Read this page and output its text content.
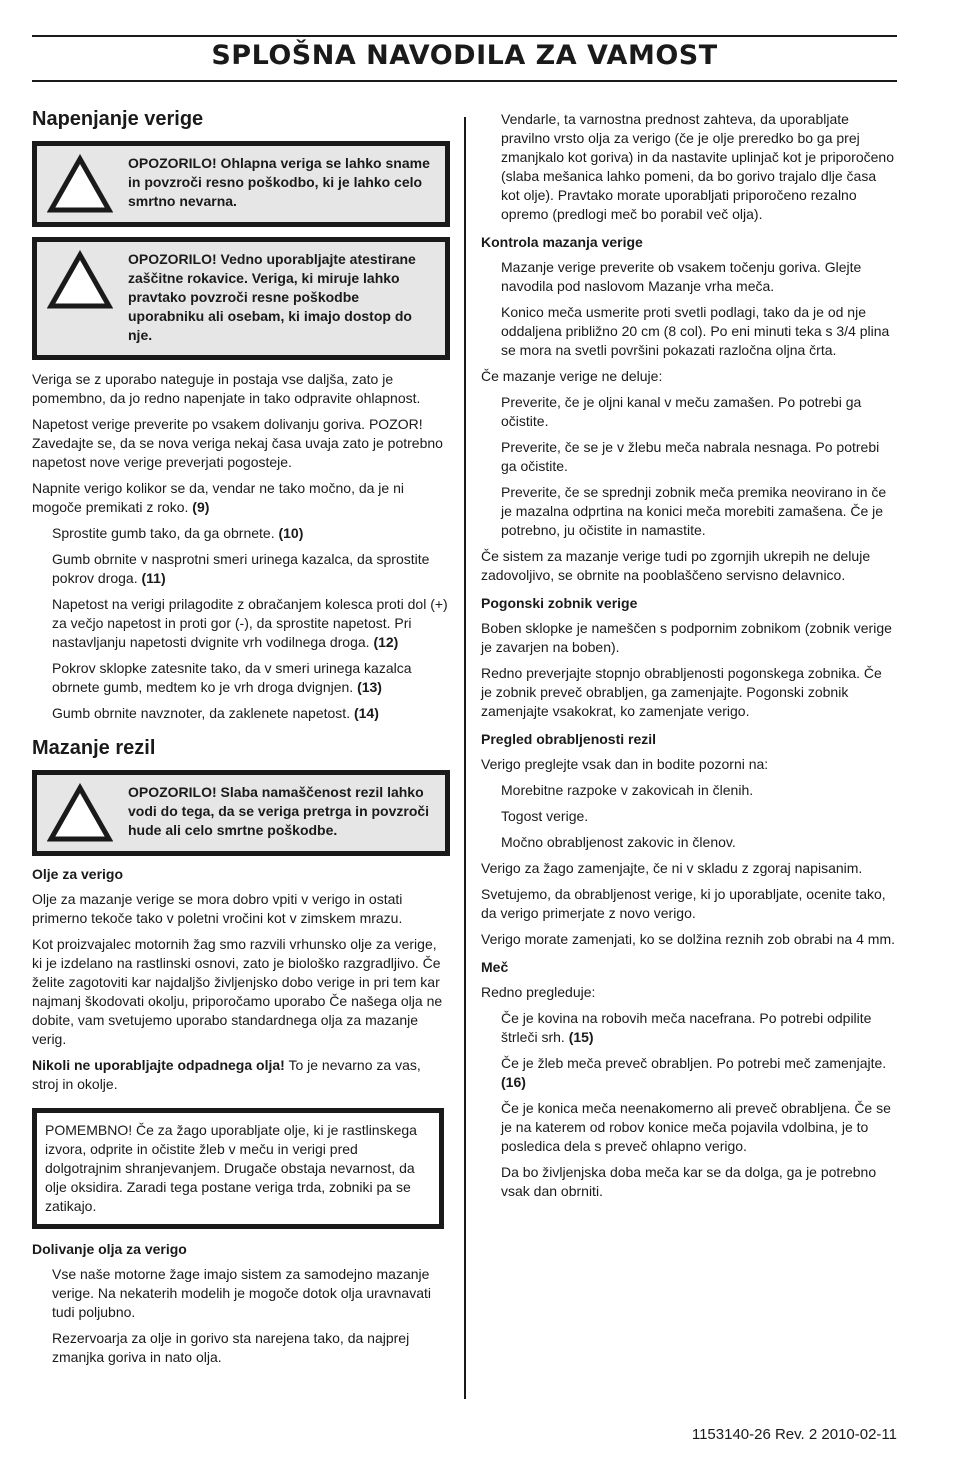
SPLOŠNA NAVODILA ZA VAMOST
Napenjanje verige
OPOZORILO! Ohlapna veriga se lahko sname in povzroči resno poškodbo, ki je lahko celo smrtno nevarna.
OPOZORILO! Vedno uporabljajte atestirane zaščitne rokavice. Veriga, ki miruje lahko pravtako povzroči resne poškodbe uporabniku ali osebam, ki imajo dostop do nje.

Veriga se z uporabo nateguje in postaja vse daljša, zato je pomembno, da jo redno napenjate in tako odpravite ohlapnost.

Napetost verige preverite po vsakem dolivanju goriva. POZOR! Zavedajte se, da se nova veriga nekaj časa uvaja zato je potrebno napetost nove verige preverjati pogosteje.

Napnite verigo kolikor se da, vendar ne tako močno, da je ni mogoče premikati z roko. (9)

Sprostite gumb tako, da ga obrnete. (10)

Gumb obrnite v nasprotni smeri urinega kazalca, da sprostite pokrov droga. (11)

Napetost na verigi prilagodite z obračanjem kolesca proti dol (+) za večjo napetost in proti gor (-), da sprostite napetost. Pri nastavljanju napetosti dvignite vrh vodilnega droga. (12)

Pokrov sklopke zatesnite tako, da v smeri urinega kazalca obrnete gumb, medtem ko je vrh droga dvignjen. (13)

Gumb obrnite navznoter, da zaklenete napetost. (14)

Mazanje rezil
OPOZORILO! Slaba namaščenost rezil lahko vodi do tega, da se veriga pretrga in povzroči hude ali celo smrtne poškodbe.
Olje za verigo

Olje za mazanje verige se mora dobro vpiti v verigo in ostati primerno tekoče tako v poletni vročini kot v zimskem mrazu.

Kot proizvajalec motornih žag smo razvili vrhunsko olje za verige, ki je izdelano na rastlinski osnovi, zato je biološko razgradljivo. Če želite zagotoviti kar najdaljšo življenjsko dobo verige in pri tem kar najmanj škodovati okolju, priporočamo uporabo Če našega olja ne dobite, vam svetujemo uporabo standardnega olja za mazanje verig.

Nikoli ne uporabljajte odpadnega olja! To je nevarno za vas, stroj in okolje.

POMEMBNO! Če za žago uporabljate olje, ki je rastlinskega izvora, odprite in očistite žleb v meču in verigi pred dolgotrajnim shranjevanjem. Drugače obstaja nevarnost, da olje oksidira. Zaradi tega postane veriga trda, zobniki pa se zatikajo.
Dolivanje olja za verigo

Vse naše motorne žage imajo sistem za samodejno mazanje verige. Na nekaterih modelih je mogoče dotok olja uravnavati tudi poljubno.

Rezervoarja za olje in gorivo sta narejena tako, da najprej zmanjka goriva in nato olja.

Vendarle, ta varnostna prednost zahteva, da uporabljate pravilno vrsto olja za verigo (če je olje preredko bo ga prej zmanjkalo kot goriva) in da nastavite uplinjač kot je priporočeno (slaba mešanica lahko pomeni, da bo gorivo trajalo dlje časa kot olje). Pravtako morate uporabljati priporočeno rezalno opremo (predlogi meč bo porabil več olja).

Kontrola mazanja verige

Mazanje verige preverite ob vsakem točenju goriva. Glejte navodila pod naslovom Mazanje vrha meča.

Konico meča usmerite proti svetli podlagi, tako da je od nje oddaljena približno 20 cm (8 col). Po eni minuti teka s 3/4 plina se mora na svetli površini pokazati razločna oljna črta.

Če mazanje verige ne deluje:

Preverite, če je oljni kanal v meču zamašen. Po potrebi ga očistite.

Preverite, če se je v žlebu meča nabrala nesnaga. Po potrebi ga očistite.

Preverite, če se sprednji zobnik meča premika neovirano in če je mazalna odprtina na konici meča morebiti zamašena. Če je potrebno, ju očistite in namastite.

Če sistem za mazanje verige tudi po zgornjih ukrepih ne deluje zadovoljivo, se obrnite na pooblaščeno servisno delavnico.

Pogonski zobnik verige

Boben sklopke je nameščen s podpornim zobnikom (zobnik verige je zavarjen na boben).

Redno preverjajte stopnjo obrabljenosti pogonskega zobnika. Če je zobnik preveč obrabljen, ga zamenjajte. Pogonski zobnik zamenjajte vsakokrat, ko zamenjate verigo.

Pregled obrabljenosti rezil

Verigo preglejte vsak dan in bodite pozorni na:

Morebitne razpoke v zakovicah in členih.

Togost verige.

Močno obrabljenost zakovic in členov.

Verigo za žago zamenjajte, če ni v skladu z zgoraj napisanim.

Svetujemo, da obrabljenost verige, ki jo uporabljate, ocenite tako, da verigo primerjate z novo verigo.

Verigo morate zamenjati, ko se dolžina reznih zob obrabi na 4 mm.

Meč

Redno pregleduje:

Če je kovina na robovih meča nacefrana. Po potrebi odpilite štrleči srh. (15)

Če je žleb meča preveč obrabljen. Po potrebi meč zamenjajte. (16)

Če je konica meča neenakomerno ali preveč obrabljena. Če se je na katerem od robov konice meča pojavila vdolbina, je to posledica dela s preveč ohlapno verigo.

Da bo življenjska doba meča kar se da dolga, ga je potrebno vsak dan obrniti.

1153140-26 Rev. 2 2010-02-11
